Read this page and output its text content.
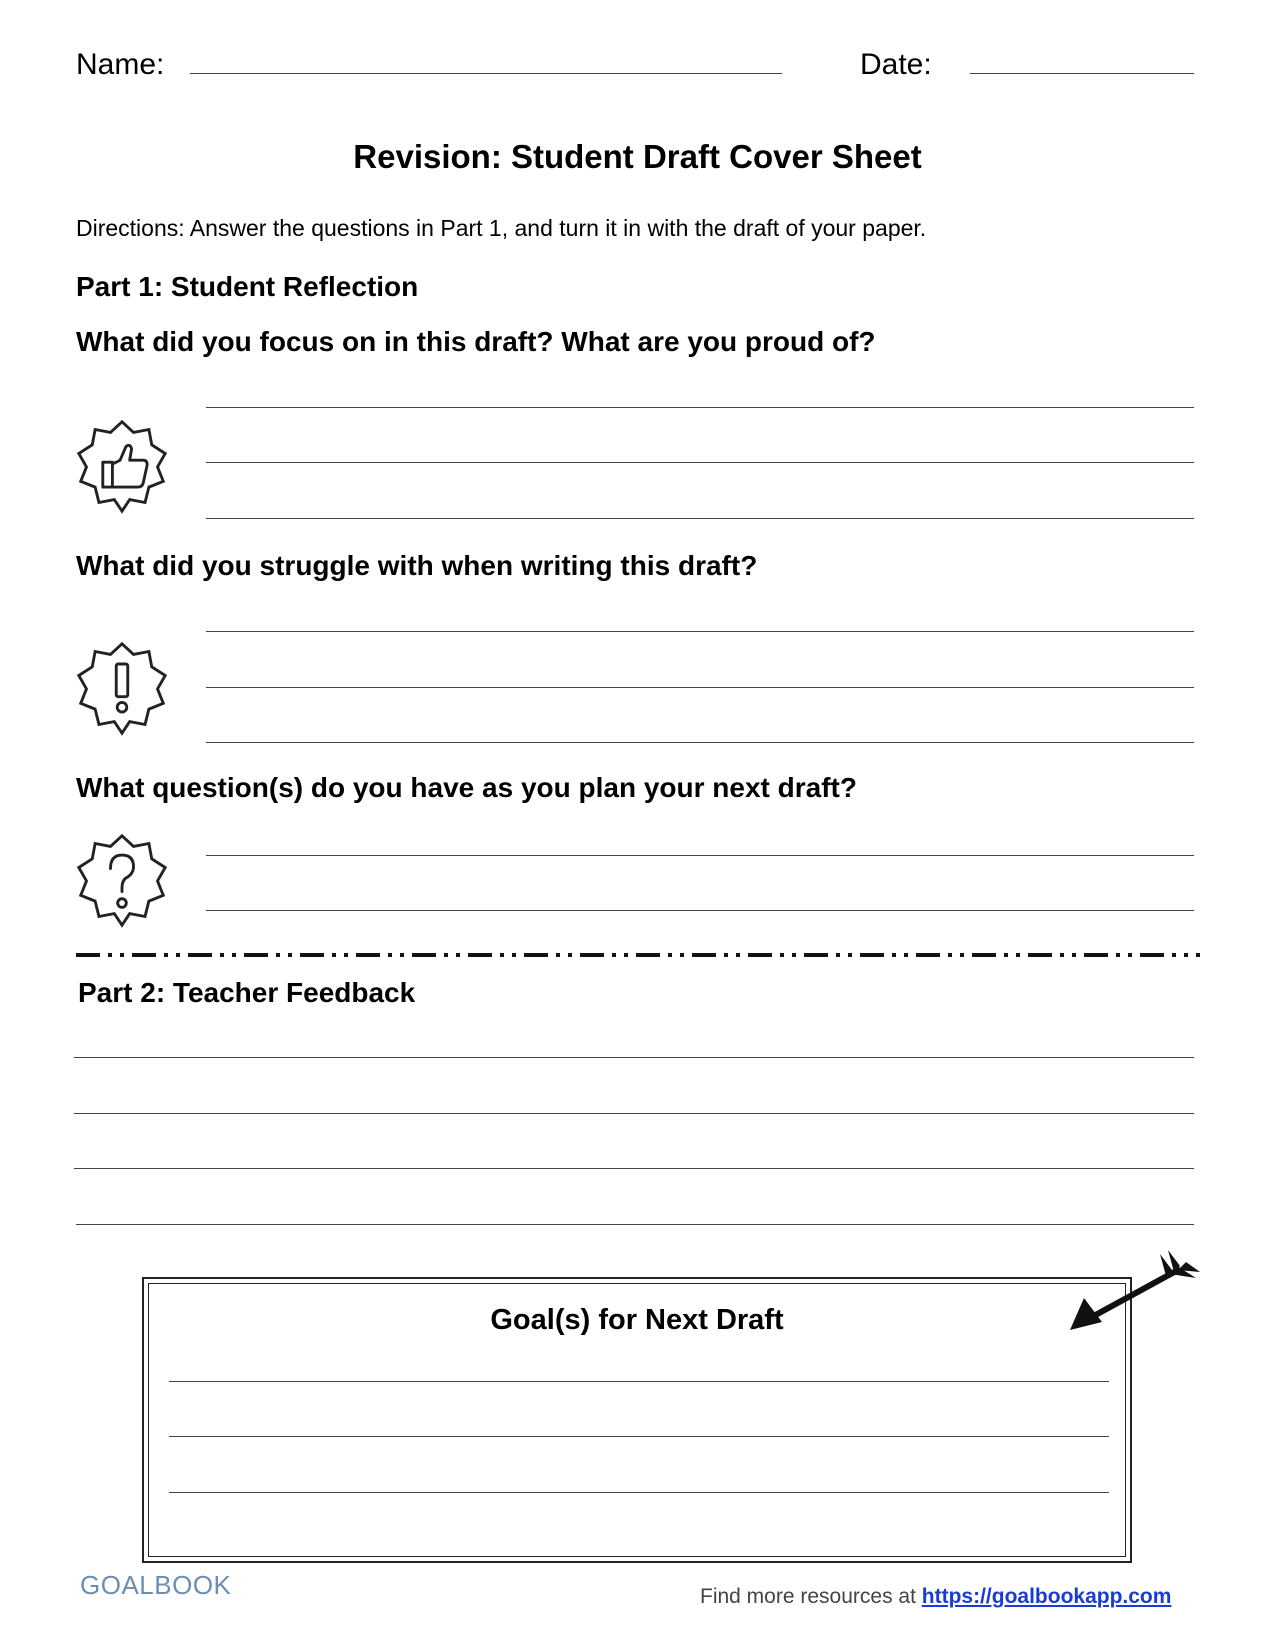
Name:	Date:
Revision: Student Draft Cover Sheet
Directions: Answer the questions in Part 1, and turn it in with the draft of your paper.
Part 1: Student Reflection
What did you focus on in this draft? What are you proud of?
What did you struggle with when writing this draft?
What question(s) do you have as you plan your next draft?
Part 2: Teacher Feedback
Goal(s) for Next Draft
GOALBOOK	Find more resources at https://goalbookapp.com
